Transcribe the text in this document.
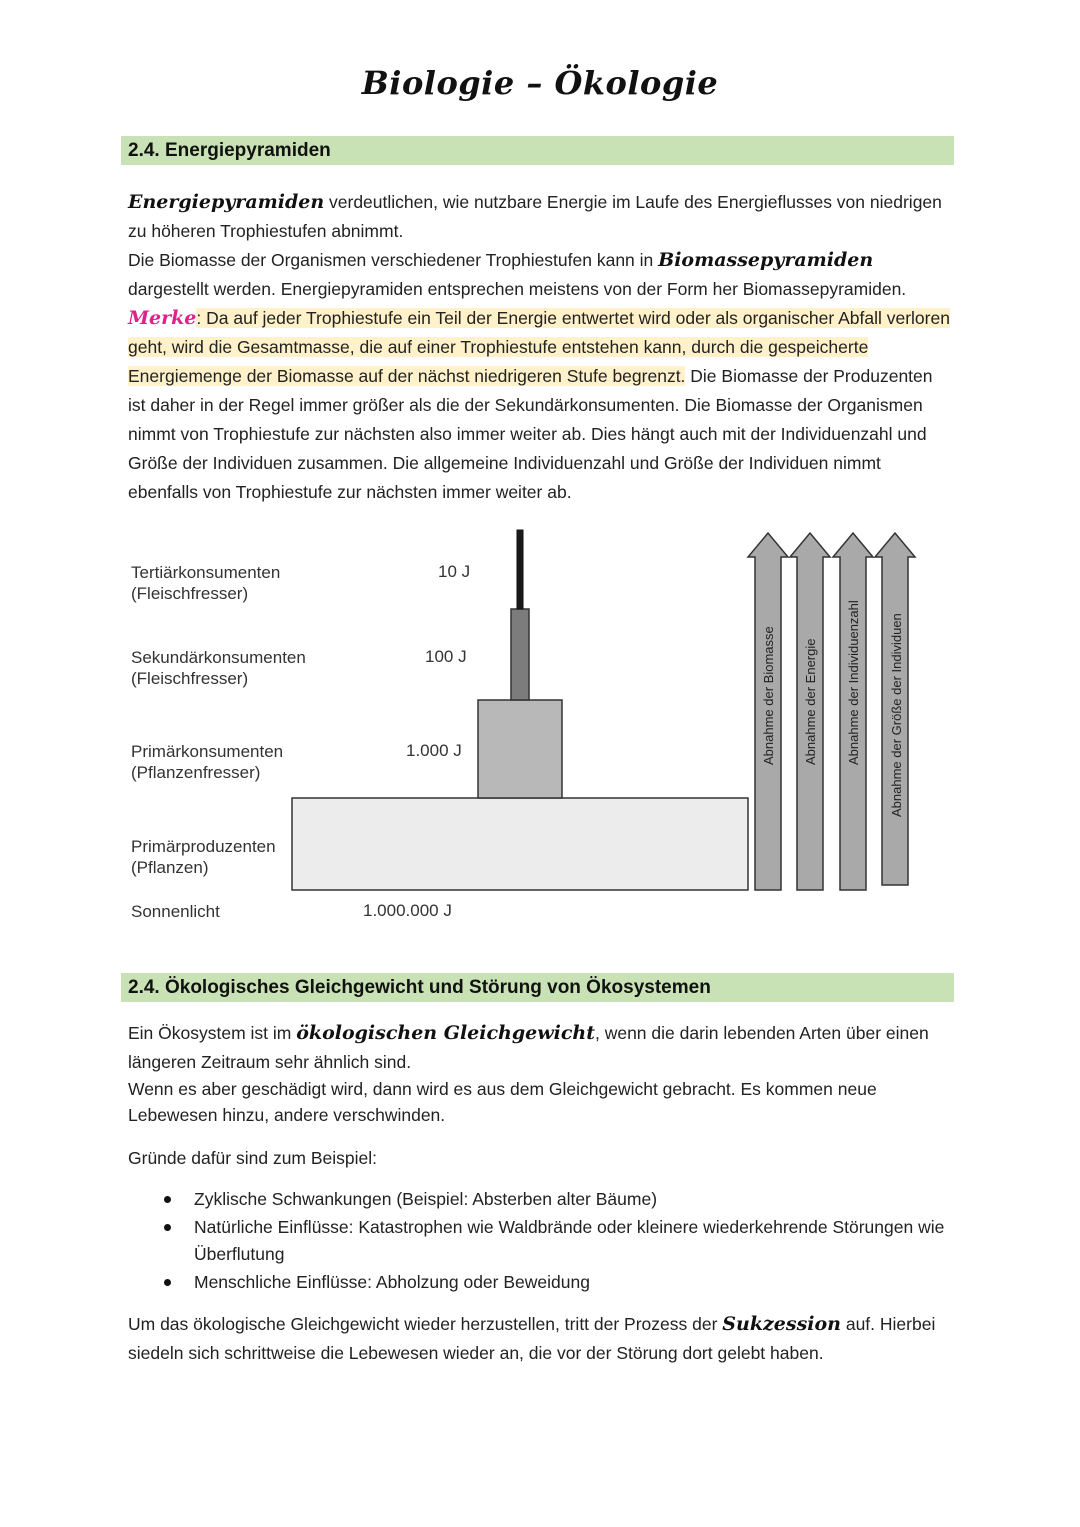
Biologie – Ökologie
2.4. Energiepyramiden

Energiepyramiden verdeutlichen, wie nutzbare Energie im Laufe des Energieflusses von niedrigen zu höheren Trophiestufen abnimmt.

Die Biomasse der Organismen verschiedener Trophiestufen kann in Biomassepyramiden dargestellt werden. Energiepyramiden entsprechen meistens von der Form her Biomassepyramiden.

Merke: Da auf jeder Trophiestufe ein Teil der Energie entwertet wird oder als organischer Abfall verloren geht, wird die Gesamtmasse, die auf einer Trophiestufe entstehen kann, durch die gespeicherte Energiemenge der Biomasse auf der nächst niedrigeren Stufe begrenzt. Die Biomasse der Produzenten ist daher in der Regel immer größer als die der Sekundärkonsumenten. Die Biomasse der Organismen nimmt von Trophiestufe zur nächsten also immer weiter ab. Dies hängt auch mit der Individuenzahl und Größe der Individuen zusammen. Die allgemeine Individuenzahl und Größe der Individuen nimmt ebenfalls von Trophiestufe zur nächsten immer weiter ab.

Tertiärkonsumenten
(Fleischfresser)
Sekundärkonsumenten
(Fleischfresser)
Primärkonsumenten
(Pflanzenfresser)
Primärproduzenten
(Pflanzen)
Sonnenlicht
10 J
100 J
1.000 J
1.000.000 J
Abnahme der Biomasse Abnahme der Energie Abnahme der Individuenzahl Abnahme der Größe der Individuen
2.4. Ökologisches Gleichgewicht und Störung von Ökosystemen

Ein Ökosystem ist im ökologischen Gleichgewicht, wenn die darin lebenden Arten über einen längeren Zeitraum sehr ähnlich sind.

Wenn es aber geschädigt wird, dann wird es aus dem Gleichgewicht gebracht. Es kommen neue Lebewesen hinzu, andere verschwinden.
Gründe dafür sind zum Beispiel:
Zyklische Schwankungen (Beispiel: Absterben alter Bäume)
Natürliche Einflüsse: Katastrophen wie Waldbrände oder kleinere wiederkehrende Störungen wie Überflutung
Menschliche Einflüsse: Abholzung oder Beweidung

Um das ökologische Gleichgewicht wieder herzustellen, tritt der Prozess der Sukzession auf. Hierbei siedeln sich schrittweise die Lebewesen wieder an, die vor der Störung dort gelebt haben.
